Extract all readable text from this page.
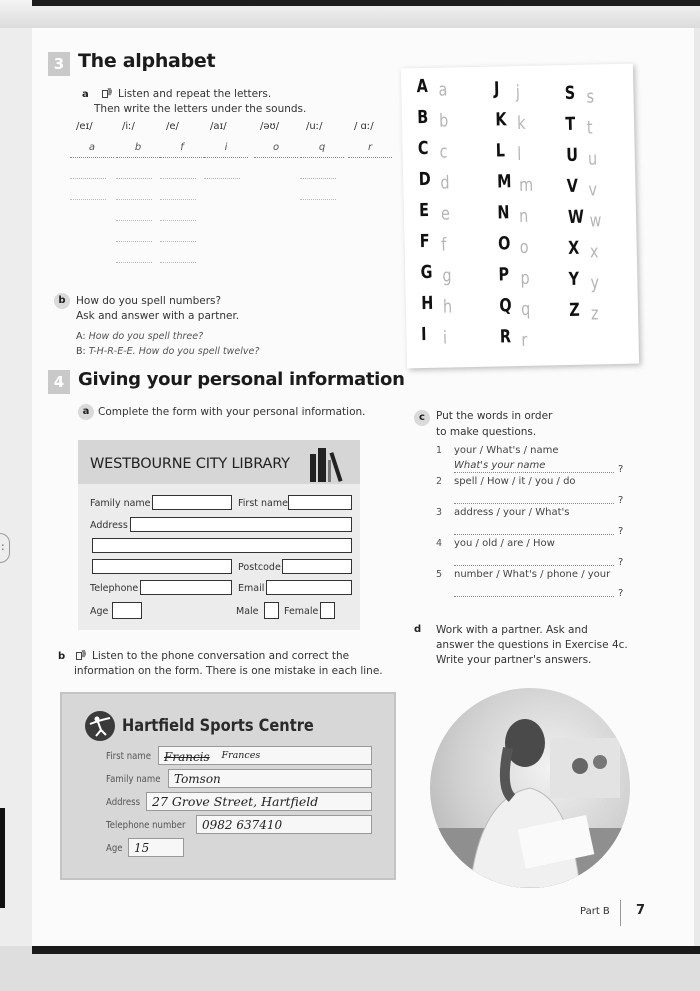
:
3 The alphabet
a )))	Listen and repeat the letters.
Then write the letters under the sounds.
/eɪ/
a
/iː/
b
/e/
f
/aɪ/
i
/əʊ/
o
/uː/
q
/ ɑː/
r
b How do you spell numbers?
Ask and answer with a partner.
A: How do you spell three?
B: T-H-R-E-E. How do you spell twelve?
A a
B b
C c
D d
E e
F f
G g
H h
I i
J j
K k
L l
M m
N n
O o
P p
Q q
R r
S s
T t
U u
V v
W w
X x
Y y
Z z
4 Giving your personal information
a Complete the form with your personal information.
WESTBOURNE CITY LIBRARY
Family name	First name
Address
Postcode
Telephone	Email
Age	Male	Female
b )))	Listen to the phone conversation and correct the
information on the form. There is one mistake in each line.
Hartfield Sports Centre
First name	Francis $^{Frances}$
Family name	Tomson
Address 27 Grove Street, Hartfield
Telephone number	0982 637410
Age 15
c	Put the words in order
to make questions.
1 your / What's / name
What's your name	?
2 spell / How / it / you / do
?
3 address / your / What's
?
4 you / old / are / How
?
5 number / What's / phone / your
?
d Work with a partner. Ask and
answer the questions in Exercise 4c.
Write your partner's answers.
Part B 7
